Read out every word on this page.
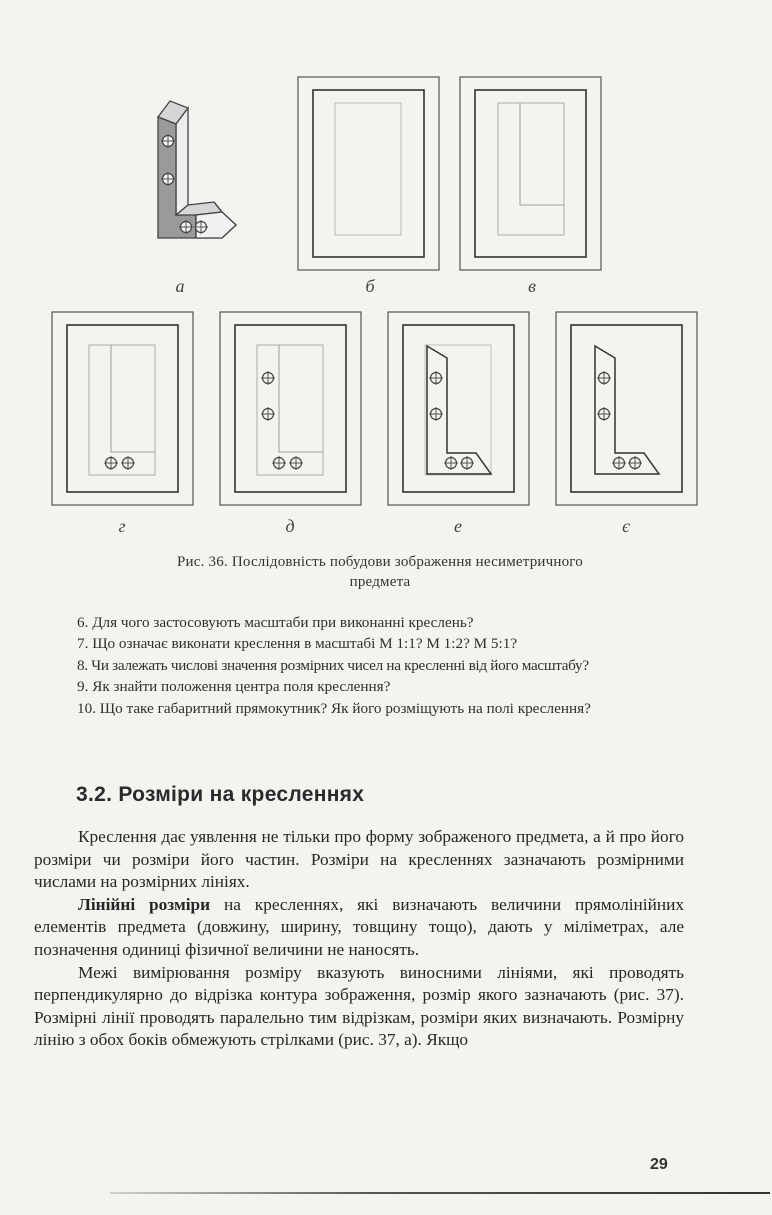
а	б	в
г	д	е	є
Рис. 36. Послідовність побудови зображення несиметричного
предмета

6. Для чого застосовують масштаби при виконанні креслень?

7. Що означає виконати креслення в масштабі М 1:1? М 1:2? М 5:1?

8. Чи залежать числові значення розмірних чисел на кресленні від його масштабу?

9. Як знайти положення центра поля креслення?

10. Що таке габаритний прямокутник? Як його розміщують на полі креслення?

3.2. Розміри на кресленнях

Креслення дає уявлення не тільки про форму зображеного предмета, а й про його розміри чи розміри його частин. Розміри на кресленнях зазначають розмірними числами на розмірних лініях.

Лінійні розміри на кресленнях, які визначають величини прямолінійних елементів предмета (довжину, ширину, товщину тощо), дають у міліметрах, але позначення одиниці фізичної величини не наносять.

Межі вимірювання розміру вказують виносними лініями, які проводять перпендикулярно до відрізка контура зображення, розмір якого зазначають (рис. 37). Розмірні лінії проводять паралельно тим відрізкам, розміри яких визначають. Розмірну лінію з обох боків обмежують стрілками (рис. 37, а). Якщо

29
